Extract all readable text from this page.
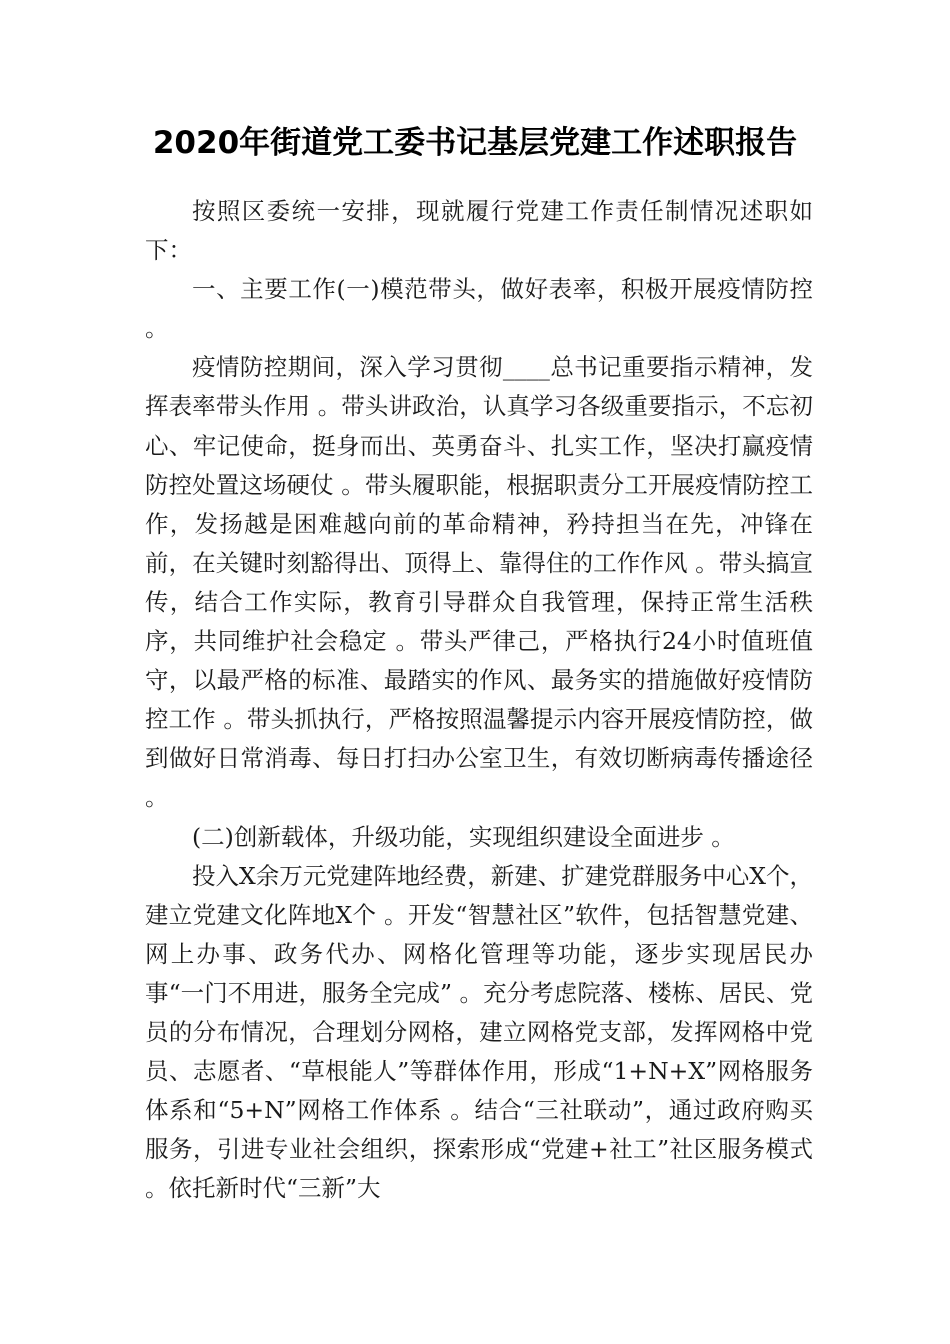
2020年街道党工委书记基层党建工作述职报告

按照区委统一安排，现就履行党建工作责任制情况述职如下：

一、主要工作(一)模范带头，做好表率，积极开展疫情防控 。

疫情防控期间，深入学习贯彻____总书记重要指示精神，发挥表率带头作用 。带头讲政治，认真学习各级重要指示，不忘初心、牢记使命，挺身而出、英勇奋斗、扎实工作，坚决打赢疫情防控处置这场硬仗 。带头履职能，根据职责分工开展疫情防控工作，发扬越是困难越向前的革命精神，矜持担当在先，冲锋在前，在关键时刻豁得出、顶得上、靠得住的工作作风 。带头搞宣传，结合工作实际，教育引导群众自我管理，保持正常生活秩序，共同维护社会稳定 。带头严律己，严格执行24小时值班值守，以最严格的标准、最踏实的作风、最务实的措施做好疫情防控工作 。带头抓执行，严格按照温馨提示内容开展疫情防控，做到做好日常消毒、每日打扫办公室卫生，有效切断病毒传播途径 。

(二)创新载体，升级功能，实现组织建设全面进步 。

投入X余万元党建阵地经费，新建、扩建党群服务中心X个，建立党建文化阵地X个 。开发“智慧社区”软件，包括智慧党建、网上办事、政务代办、网格化管理等功能，逐步实现居民办事“一门不用进，服务全完成” 。充分考虑院落、楼栋、居民、党员的分布情况，合理划分网格，建立网格党支部，发挥网格中党员、志愿者、“草根能人”等群体作用，形成“1+N+X”网格服务体系和“5+N”网格工作体系 。结合“三社联动”，通过政府购买服务，引进专业社会组织，探索形成“党建+社工”社区服务模式 。依托新时代“三新”大
